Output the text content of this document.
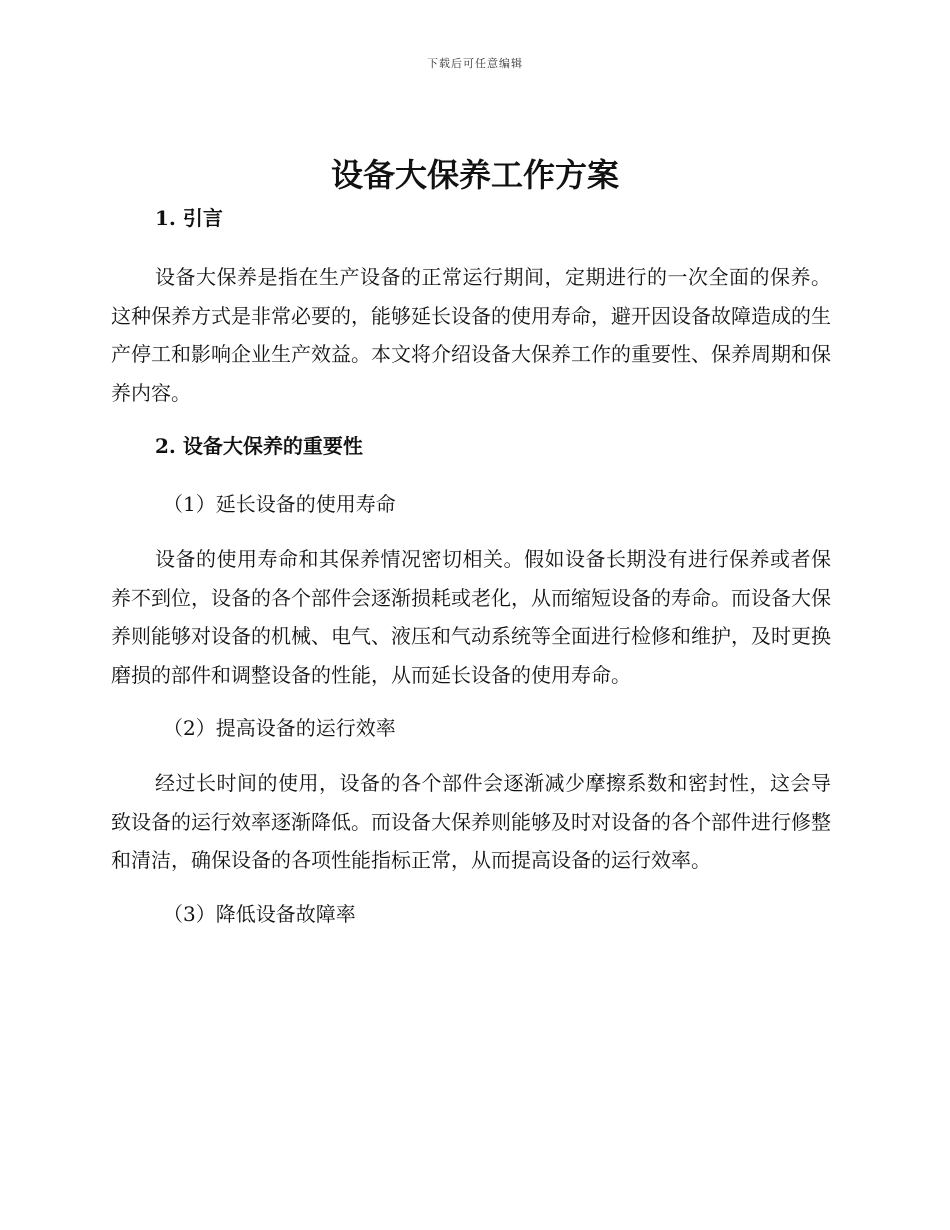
下载后可任意编辑
设备大保养工作方案
1. 引言

设备大保养是指在生产设备的正常运行期间，定期进行的一次全面的保养。这种保养方式是非常必要的，能够延长设备的使用寿命，避开因设备故障造成的生产停工和影响企业生产效益。本文将介绍设备大保养工作的重要性、保养周期和保养内容。

2. 设备大保养的重要性
（1）延长设备的使用寿命

设备的使用寿命和其保养情况密切相关。假如设备长期没有进行保养或者保养不到位，设备的各个部件会逐渐损耗或老化，从而缩短设备的寿命。而设备大保养则能够对设备的机械、电气、液压和气动系统等全面进行检修和维护，及时更换磨损的部件和调整设备的性能，从而延长设备的使用寿命。

（2）提高设备的运行效率

经过长时间的使用，设备的各个部件会逐渐减少摩擦系数和密封性，这会导致设备的运行效率逐渐降低。而设备大保养则能够及时对设备的各个部件进行修整和清洁，确保设备的各项性能指标正常，从而提高设备的运行效率。

（3）降低设备故障率
